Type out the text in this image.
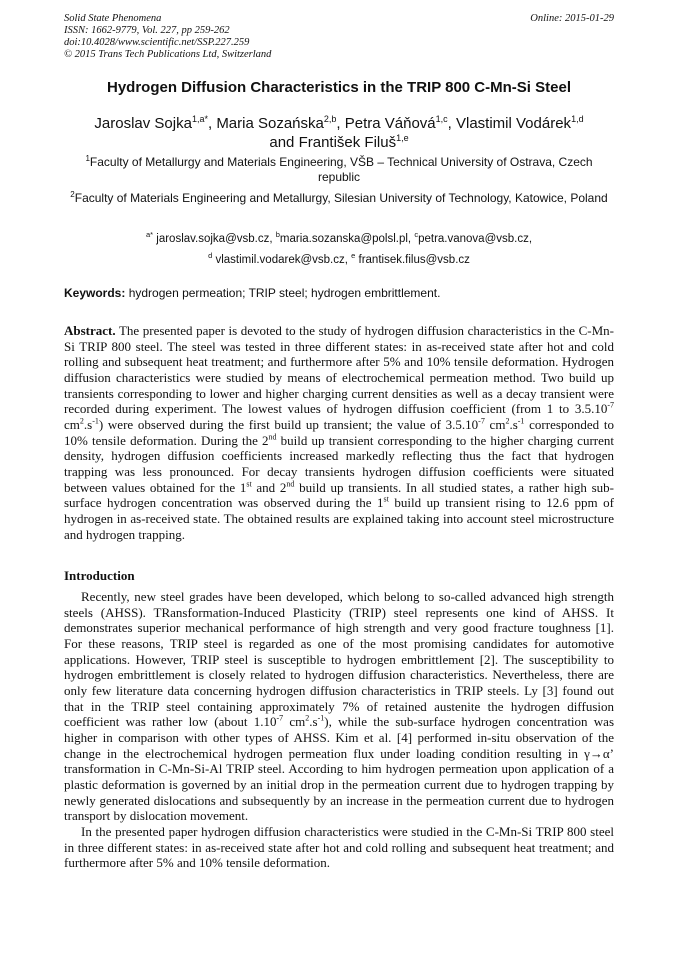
Solid State Phenomena
ISSN: 1662-9779, Vol. 227, pp 259-262
doi:10.4028/www.scientific.net/SSP.227.259
© 2015 Trans Tech Publications Ltd, Switzerland
Online: 2015-01-29
Hydrogen Diffusion Characteristics in the TRIP 800 C-Mn-Si Steel
Jaroslav Sojka$^{1,a*}$, Maria Sozańska$^{2,b}$, Petra Váňová$^{1,c}$, Vlastimil Vodárek$^{1,d}$
and František Filuš$^{1,e}$
$^1$Faculty of Metallurgy and Materials Engineering, VŠB – Technical University of Ostrava, Czech republic
$^2$Faculty of Materials Engineering and Metallurgy, Silesian University of Technology, Katowice, Poland
$^{a*}$ jaroslav.sojka@vsb.cz, $^b$maria.sozanska@polsl.pl, $^c$petra.vanova@vsb.cz,
$^d$ vlastimil.vodarek@vsb.cz, $^e$ frantisek.filus@vsb.cz
Keywords: hydrogen permeation; TRIP steel; hydrogen embrittlement.
Abstract. The presented paper is devoted to the study of hydrogen diffusion characteristics in the C-Mn-Si TRIP 800 steel. The steel was tested in three different states: in as-received state after hot and cold rolling and subsequent heat treatment; and furthermore after 5% and 10% tensile deformation. Hydrogen diffusion characteristics were studied by means of electrochemical permeation method. Two build up transients corresponding to lower and higher charging current densities as well as a decay transient were recorded during experiment. The lowest values of hydrogen diffusion coefficient (from 1 to $3.5.10^{-7}$ $cm^2.s^{-1}$) were observed during the first build up transient; the value of $3.5.10^{-7}$ $cm^2.s^{-1}$ corresponded to 10% tensile deformation. During the 2nd build up transient corresponding to the higher charging current density, hydrogen diffusion coefficients increased markedly reflecting thus the fact that hydrogen trapping was less pronounced. For decay transients hydrogen diffusion coefficients were situated between values obtained for the 1st and 2nd build up transients. In all studied states, a rather high sub-surface hydrogen concentration was observed during the 1st build up transient rising to 12.6 ppm of hydrogen in as-received state. The obtained results are explained taking into account steel microstructure and hydrogen trapping.
Introduction

Recently, new steel grades have been developed, which belong to so-called advanced high strength steels (AHSS). TRansformation-Induced Plasticity (TRIP) steel represents one kind of AHSS. It demonstrates superior mechanical performance of high strength and very good fracture toughness [1]. For these reasons, TRIP steel is regarded as one of the most promising candidates for automotive applications. However, TRIP steel is susceptible to hydrogen embrittlement [2]. The susceptibility to hydrogen embrittlement is closely related to hydrogen diffusion characteristics. Nevertheless, there are only few literature data concerning hydrogen diffusion characteristics in TRIP steels. Ly [3] found out that in the TRIP steel containing approximately 7% of retained austenite the hydrogen diffusion coefficient was rather low (about $1.10^{-7}$ $cm^2.s^{-1}$), while the sub-surface hydrogen concentration was higher in comparison with other types of AHSS. Kim et al. [4] performed in-situ observation of the change in the electrochemical hydrogen permeation flux under loading condition resulting in γ→α’ transformation in C-Mn-Si-Al TRIP steel. According to him hydrogen permeation upon application of a plastic deformation is governed by an initial drop in the permeation current due to hydrogen trapping by newly generated dislocations and subsequently by an increase in the permeation current due to hydrogen transport by dislocation movement.

In the presented paper hydrogen diffusion characteristics were studied in the C-Mn-Si TRIP 800 steel in three different states: in as-received state after hot and cold rolling and subsequent heat treatment; and furthermore after 5% and 10% tensile deformation.
